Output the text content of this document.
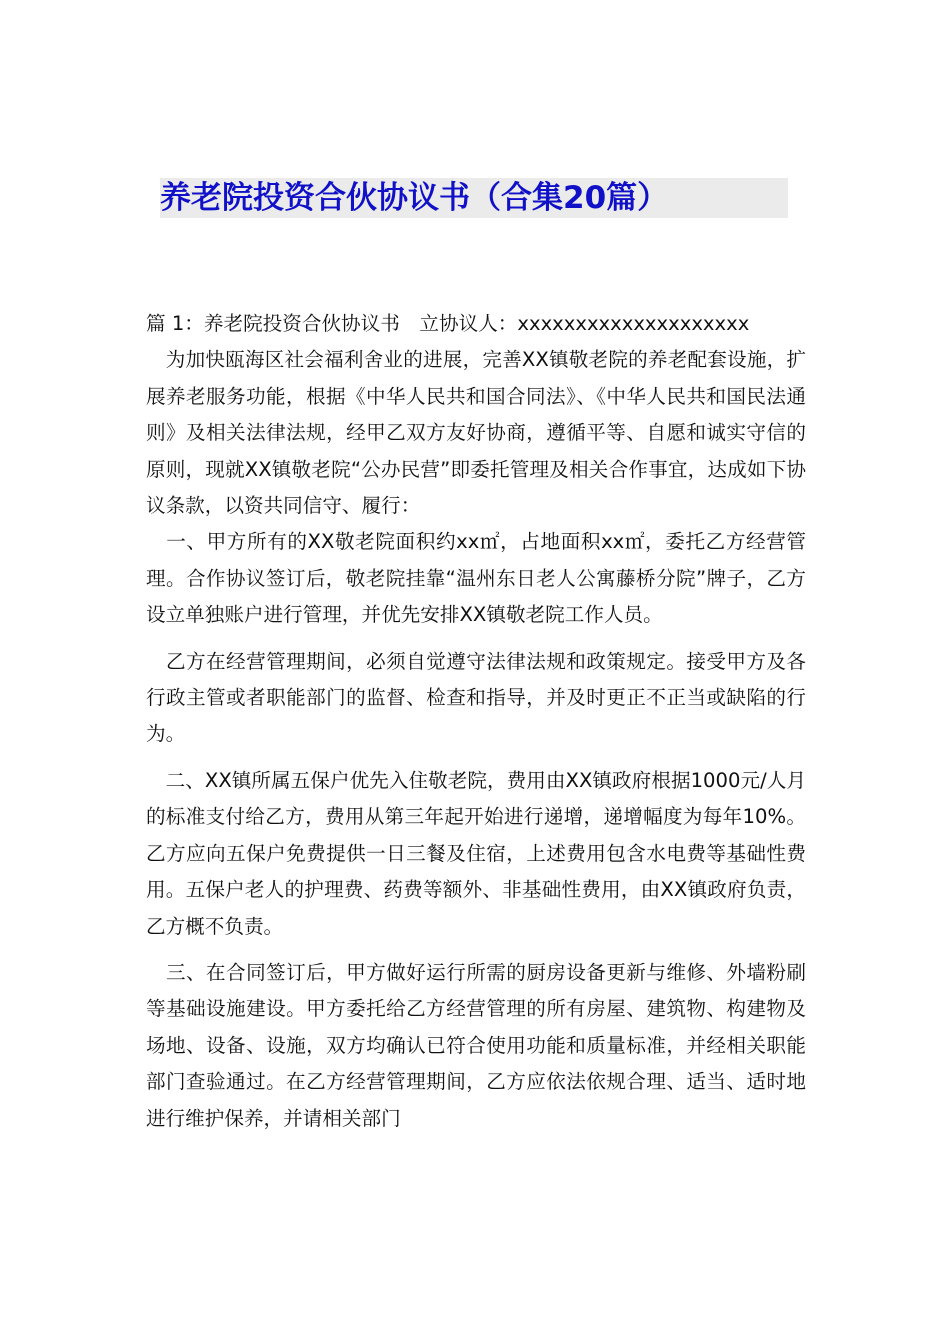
养老院投资合伙协议书（合集20篇）

篇 1：养老院投资合伙协议书　立协议人：xxxxxxxxxxxxxxxxxxxx

　为加快瓯海区社会福利舍业的进展，完善XX镇敬老院的养老配套设施，扩展养老服务功能，根据《中华人民共和国合同法》、《中华人民共和国民法通则》及相关法律法规，经甲乙双方友好协商，遵循平等、自愿和诚实守信的原则，现就XX镇敬老院“公办民营”即委托管理及相关合作事宜，达成如下协议条款，以资共同信守、履行：

　一、甲方所有的XX敬老院面积约xx㎡，占地面积xx㎡，委托乙方经营管理。合作协议签订后，敬老院挂靠“温州东日老人公寓藤桥分院”牌子，乙方设立单独账户进行管理，并优先安排XX镇敬老院工作人员。

　乙方在经营管理期间，必须自觉遵守法律法规和政策规定。接受甲方及各行政主管或者职能部门的监督、检查和指导，并及时更正不正当或缺陷的行为。

　二、XX镇所属五保户优先入住敬老院，费用由XX镇政府根据1000元/人月的标准支付给乙方，费用从第三年起开始进行递增，递增幅度为每年10%。乙方应向五保户免费提供一日三餐及住宿，上述费用包含水电费等基础性费用。五保户老人的护理费、药费等额外、非基础性费用，由XX镇政府负责，乙方概不负责。

　三、在合同签订后，甲方做好运行所需的厨房设备更新与维修、外墙粉刷等基础设施建设。甲方委托给乙方经营管理的所有房屋、建筑物、构建物及场地、设备、设施，双方均确认已符合使用功能和质量标准，并经相关职能部门查验通过。在乙方经营管理期间，乙方应依法依规合理、适当、适时地进行维护保养，并请相关部门
